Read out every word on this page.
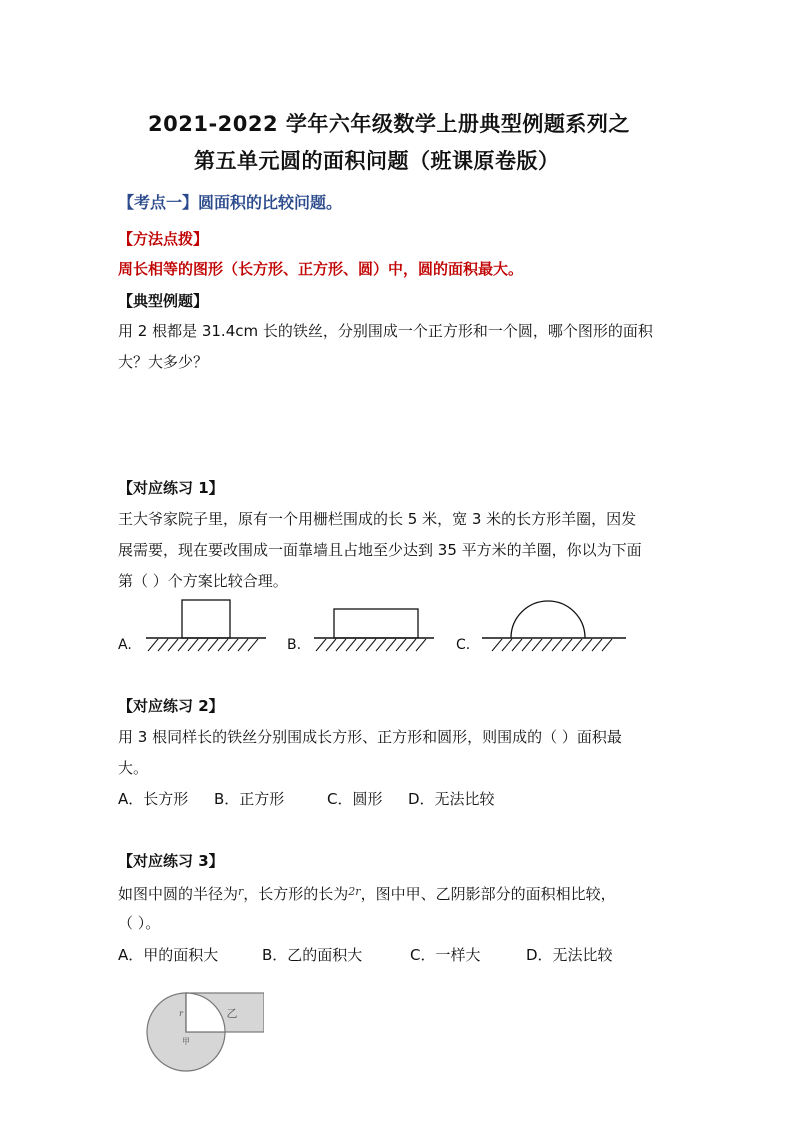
2021-2022 学年六年级数学上册典型例题系列之
第五单元圆的面积问题（班课原卷版）
【考点一】圆面积的比较问题。
【方法点拨】
周长相等的图形（长方形、正方形、圆）中，圆的面积最大。
【典型例题】
用 2 根都是 31.4cm 长的铁丝，分别围成一个正方形和一个圆，哪个图形的面积
大？大多少？
【对应练习 1】
王大爷家院子里，原有一个用栅栏围成的长 5 米，宽 3 米的长方形羊圈，因发
展需要，现在要改围成一面靠墙且占地至少达到 35 平方米的羊圈，你以为下面
第（ ）个方案比较合理。
A.	B.	C.
【对应练习 2】
用 3 根同样长的铁丝分别围成长方形、正方形和圆形，则围成的（ ）面积最
大。
A．长方形 B．正方形	C．圆形 D．无法比较
【对应练习 3】
如图中圆的半径为$^r$，长方形的长为$^{2r}$，图中甲、乙阴影部分的面积相比较，
（ ）。
A．甲的面积大	B．乙的面积大	C．一样大	D．无法比较
r
甲
乙
